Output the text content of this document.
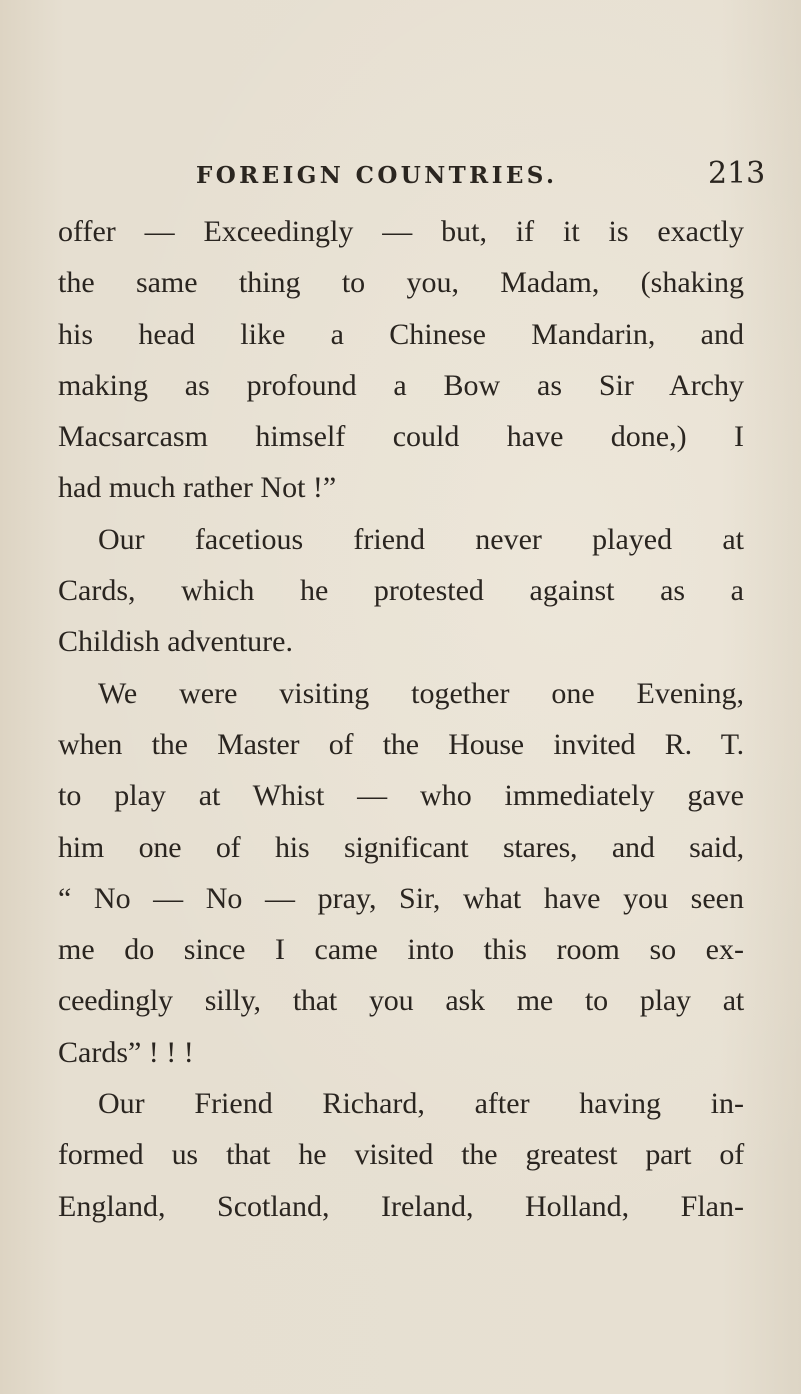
FOREIGN COUNTRIES.	213
offer — Exceedingly — but, if it is exactly
the same thing to you, Madam, (shaking
his head like a Chinese Mandarin, and
making as profound a Bow as Sir Archy
Macsarcasm himself could have done,) I
had much rather Not !”
Our facetious friend never played at
Cards, which he protested against as a
Childish adventure.
We were visiting together one Evening,
when the Master of the House invited R. T.
to play at Whist — who immediately gave
him one of his significant stares, and said,
“ No — No — pray, Sir, what have you seen
me do since I came into this room so ex-
ceedingly silly, that you ask me to play at
Cards” ! ! !
Our Friend Richard, after having in-
formed us that he visited the greatest part of
England, Scotland, Ireland, Holland, Flan-
